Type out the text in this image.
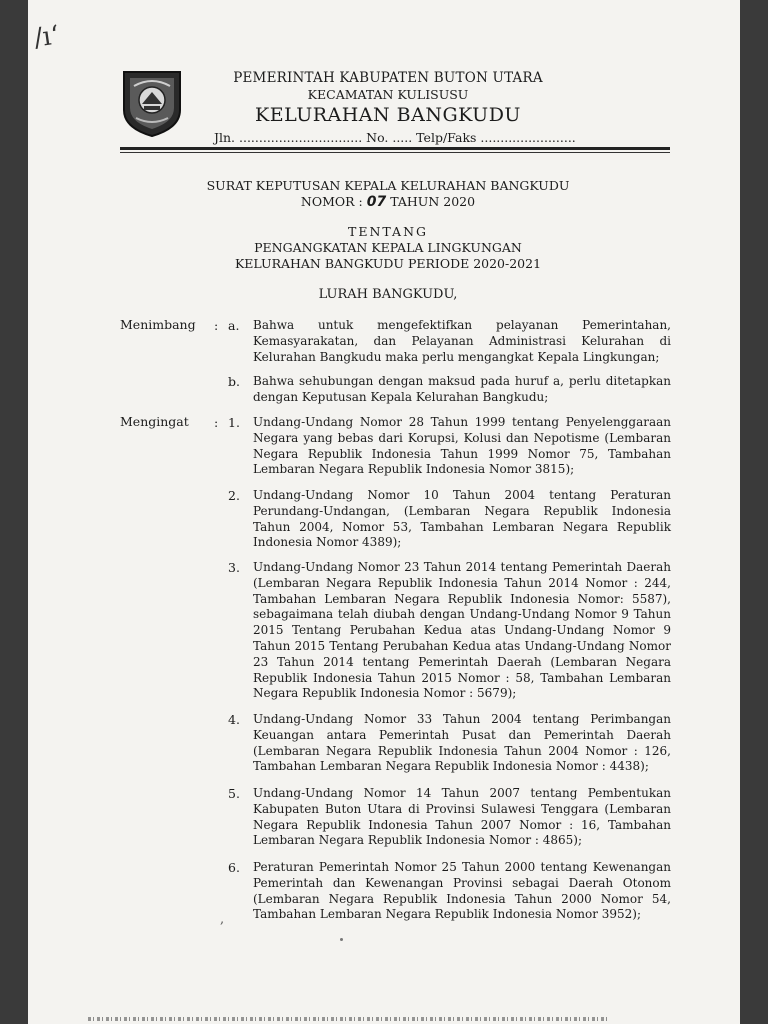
/ı‘
PEMERINTAH KABUPATEN BUTON UTARA
KECAMATAN KULISUSU
KELURAHAN BANGKUDU
Jln. ............................... No. ..... Telp/Faks ........................
SURAT KEPUTUSAN KEPALA KELURAHAN BANGKUDU
NOMOR : 07 TAHUN 2020
TENTANG
PENGANGKATAN KEPALA LINGKUNGAN
KELURAHAN BANGKUDU PERIODE 2020-2021
LURAH BANGKUDU,
Menimbang : a. Bahwa untuk mengefektifkan pelayanan Pemerintahan, Kemasyarakatan, dan Pelayanan Administrasi Kelurahan di Kelurahan Bangkudu maka perlu mengangkat Kepala Lingkungan;
b. Bahwa sehubungan dengan maksud pada huruf a, perlu ditetapkan dengan Keputusan Kepala Kelurahan Bangkudu;
Mengingat : 1. Undang-Undang Nomor 28 Tahun 1999 tentang Penyelenggaraan Negara yang bebas dari Korupsi, Kolusi dan Nepotisme (Lembaran Negara Republik Indonesia Tahun 1999 Nomor 75, Tambahan Lembaran Negara Republik Indonesia Nomor 3815);
2. Undang-Undang Nomor 10 Tahun 2004 tentang Peraturan Perundang-Undangan, (Lembaran Negara Republik Indonesia Tahun 2004, Nomor 53, Tambahan Lembaran Negara Republik Indonesia Nomor 4389);
3. Undang-Undang Nomor 23 Tahun 2014 tentang Pemerintah Daerah (Lembaran Negara Republik Indonesia Tahun 2014 Nomor : 244, Tambahan Lembaran Negara Republik Indonesia Nomor: 5587), sebagaimana telah diubah dengan Undang-Undang Nomor 9 Tahun 2015 Tentang Perubahan Kedua atas Undang-Undang Nomor 9 Tahun 2015 Tentang Perubahan Kedua atas Undang-Undang Nomor 23 Tahun 2014 tentang Pemerintah Daerah (Lembaran Negara Republik Indonesia Tahun 2015 Nomor : 58, Tambahan Lembaran Negara Republik Indonesia Nomor : 5679);
4. Undang-Undang Nomor 33 Tahun 2004 tentang Perimbangan Keuangan antara Pemerintah Pusat dan Pemerintah Daerah (Lembaran Negara Republik Indonesia Tahun 2004 Nomor : 126, Tambahan Lembaran Negara Republik Indonesia Nomor : 4438);
5. Undang-Undang Nomor 14 Tahun 2007 tentang Pembentukan Kabupaten Buton Utara di Provinsi Sulawesi Tenggara (Lembaran Negara Republik Indonesia Tahun 2007 Nomor : 16, Tambahan Lembaran Negara Republik Indonesia Nomor : 4865);
6. Peraturan Pemerintah Nomor 25 Tahun 2000 tentang Kewenangan Pemerintah dan Kewenangan Provinsi sebagai Daerah Otonom (Lembaran Negara Republik Indonesia Tahun 2000 Nomor 54, Tambahan Lembaran Negara Republik Indonesia Nomor 3952);
,
